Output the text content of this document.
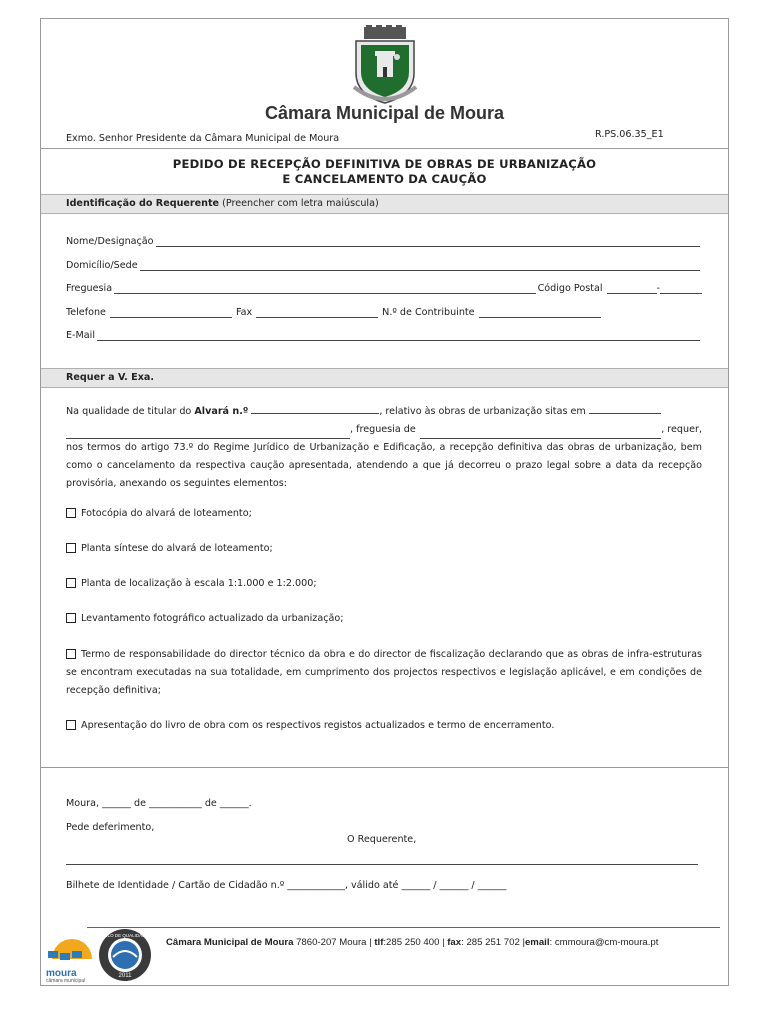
Câmara Municipal de Moura
Exmo. Senhor Presidente da Câmara Municipal de Moura	R.PS.06.35_E1
PEDIDO DE RECEPÇÃO DEFINITIVA DE OBRAS DE URBANIZAÇÃO
E CANCELAMENTO DA CAUÇÃO
Identificação do Requerente (Preencher com letra maiúscula)
Nome/Designação
Domicílio/Sede
Freguesia	Código Postal	-
Telefone	Fax	N.º de Contribuinte
E-Mail
Requer a V. Exa.
Na qualidade de titular do Alvará n.º	, relativo às obras de urbanização sitas em
, freguesia de	, requer,
nos termos do artigo 73.º do Regime Jurídico de Urbanização e Edificação, a recepção definitiva das obras de urbanização, bem como o cancelamento da respectiva caução apresentada, atendendo a que já decorreu o prazo legal sobre a data da recepção provisória, anexando os seguintes elementos:
Fotocópia do alvará de loteamento;
Planta síntese do alvará de loteamento;
Planta de localização à escala 1:1.000 e 1:2.000;
Levantamento fotográfico actualizado da urbanização;
Termo de responsabilidade do director técnico da obra e do director de fiscalização declarando que as obras de infra-estruturas se encontram executadas na sua totalidade, em cumprimento dos projectos respectivos e legislação aplicável, e em condições de recepção definitiva;
Apresentação do livro de obra com os respectivos registos actualizados e termo de encerramento.
Moura, ______ de ___________ de ______.
Pede deferimento,
O Requerente,
Bilhete de Identidade / Cartão de Cidadão n.º ____________, válido até ______ / ______ / ______
moura
câmara municipal
2011
SELO DE QUALIDADE
Câmara Municipal de Moura 7860-207 Moura | tlf:285 250 400 | fax: 285 251 702 |email: cmmoura@cm-moura.pt
